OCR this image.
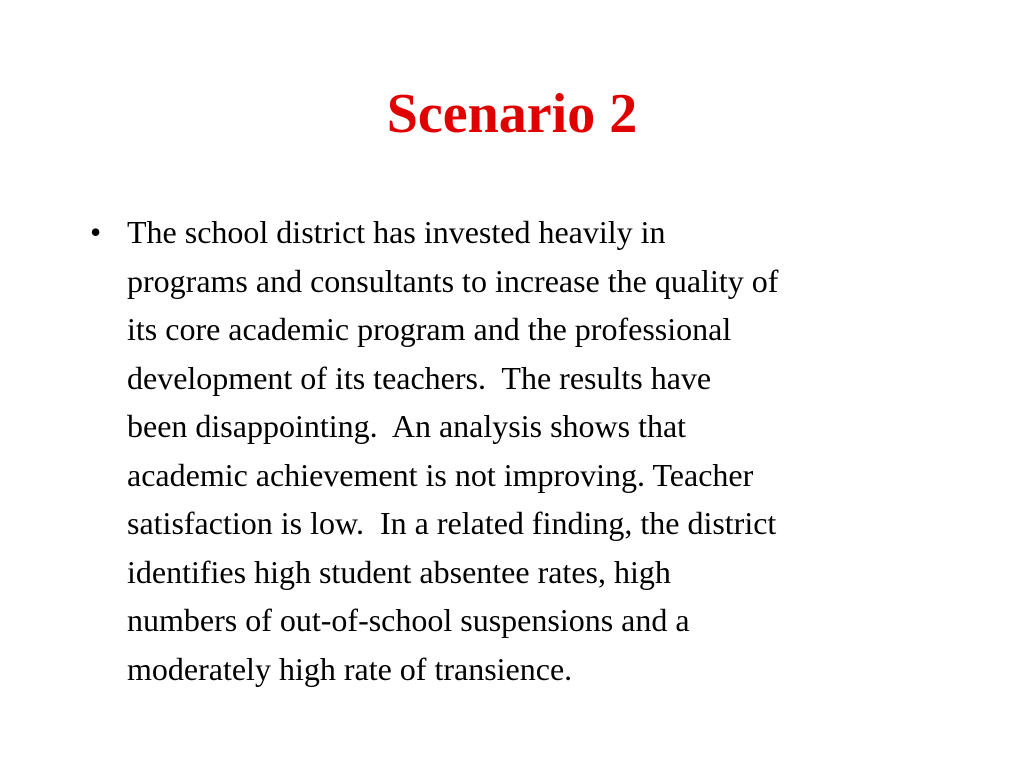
Scenario 2
• The school district has invested heavily in
programs and consultants to increase the quality of
its core academic program and the professional
development of its teachers.  The results have
been disappointing.  An analysis shows that
academic achievement is not improving. Teacher
satisfaction is low.  In a related finding, the district
identifies high student absentee rates, high
numbers of out-of-school suspensions and a
moderately high rate of transience.
